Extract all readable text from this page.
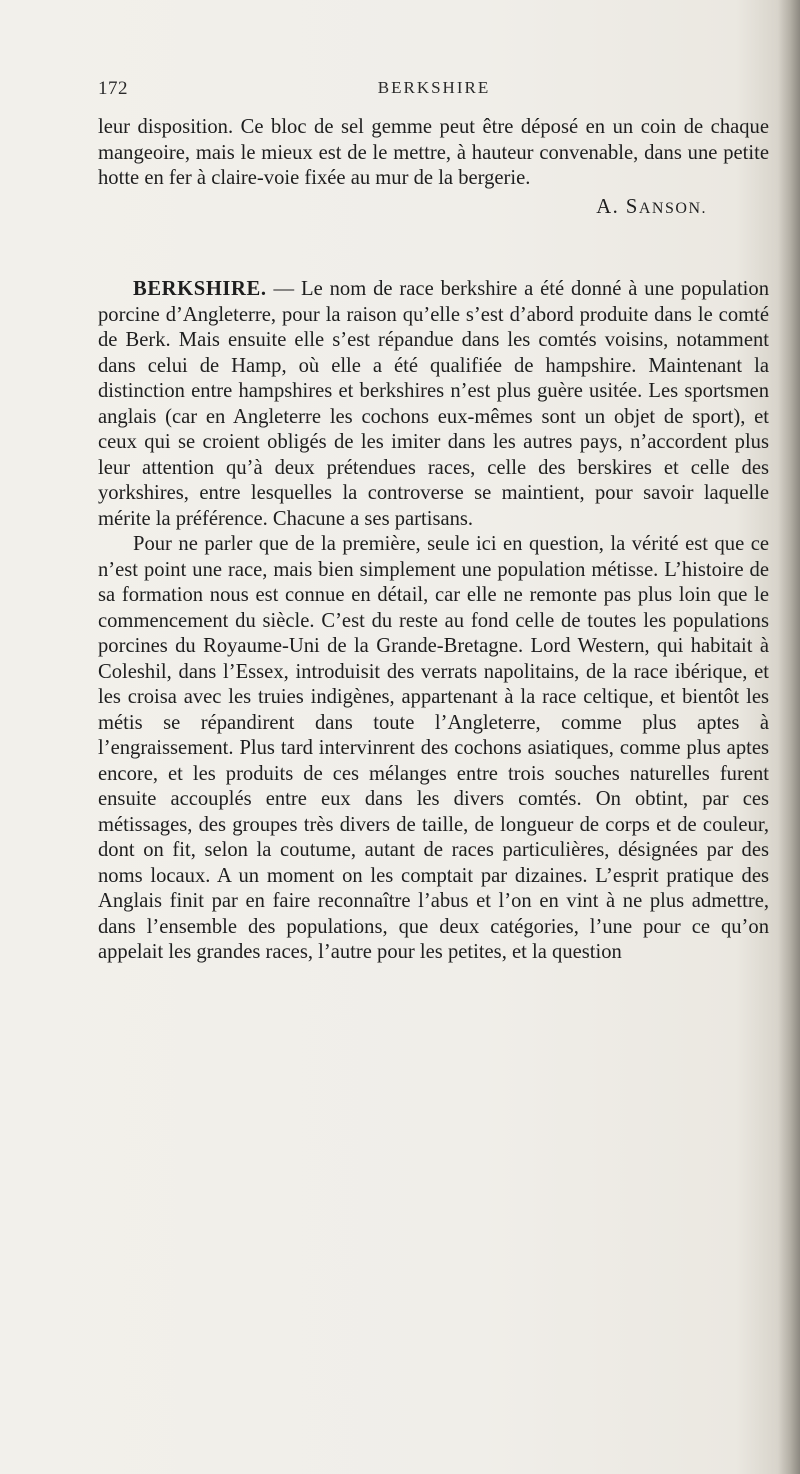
172	BERKSHIRE

leur disposition. Ce bloc de sel gemme peut être déposé en un coin de chaque mangeoire, mais le mieux est de le mettre, à hauteur convenable, dans une petite hotte en fer à claire-voie fixée au mur de la bergerie.

A. SANSON.

BERKSHIRE. — Le nom de race berkshire a été donné à une population porcine d’Angleterre, pour la raison qu’elle s’est d’abord produite dans le comté de Berk. Mais ensuite elle s’est répandue dans les comtés voisins, notamment dans celui de Hamp, où elle a été qualifiée de hampshire. Maintenant la distinction entre hampshires et berkshires n’est plus guère usitée. Les sportsmen anglais (car en Angleterre les cochons eux-mêmes sont un objet de sport), et ceux qui se croient obligés de les imiter dans les autres pays, n’accordent plus leur attention qu’à deux prétendues races, celle des berskires et celle des yorkshires, entre lesquelles la controverse se maintient, pour savoir laquelle mérite la préférence. Chacune a ses partisans.

Pour ne parler que de la première, seule ici en question, la vérité est que ce n’est point une race, mais bien simplement une population métisse. L’histoire de sa formation nous est connue en détail, car elle ne remonte pas plus loin que le commencement du siècle. C’est du reste au fond celle de toutes les populations porcines du Royaume-Uni de la Grande-Bretagne. Lord Western, qui habitait à Coleshil, dans l’Essex, introduisit des verrats napolitains, de la race ibérique, et les croisa avec les truies indigènes, appartenant à la race celtique, et bientôt les métis se répandirent dans toute l’Angleterre, comme plus aptes à l’engraissement. Plus tard intervinrent des cochons asiatiques, comme plus aptes encore, et les produits de ces mélanges entre trois souches naturelles furent ensuite accouplés entre eux dans les divers comtés. On obtint, par ces métissages, des groupes très divers de taille, de longueur de corps et de couleur, dont on fit, selon la coutume, autant de races particulières, désignées par des noms locaux. A un moment on les comptait par dizaines. L’esprit pratique des Anglais finit par en faire reconnaître l’abus et l’on en vint à ne plus admettre, dans l’ensemble des populations, que deux catégories, l’une pour ce qu’on appelait les grandes races, l’autre pour les petites, et la question
